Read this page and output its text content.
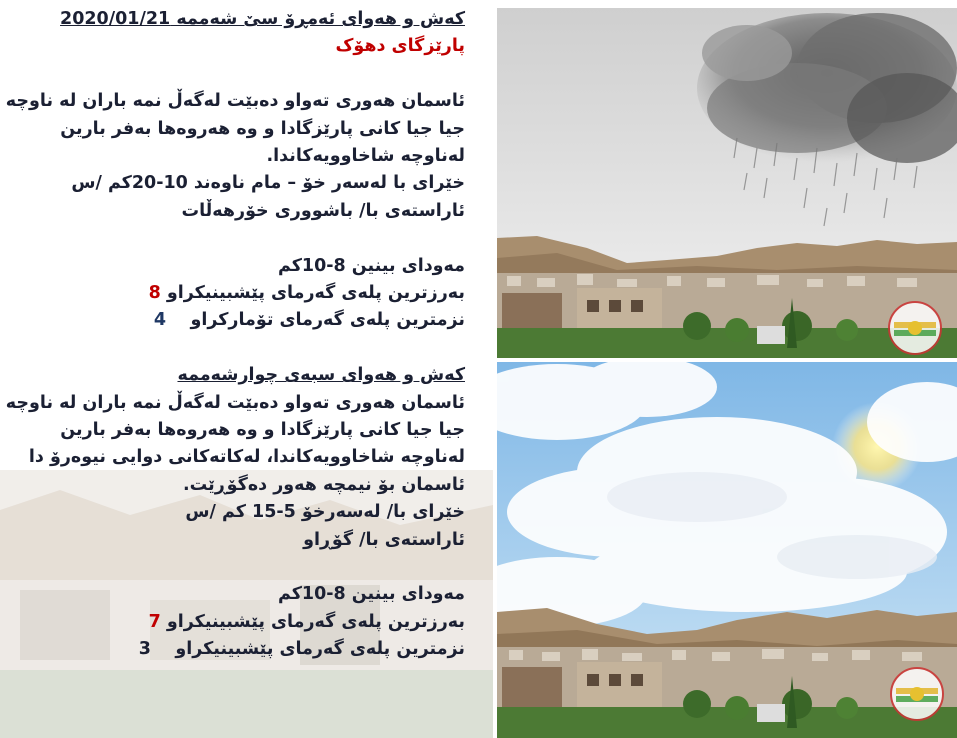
کەش و هەوای ئەمڕۆ سێ شەممە 2020/01/21
پارێزگای دهۆک
ئاسمان هەوری تەواو دەبێت لەگەڵ نمە باران لە ناوچە
جیا جیا کانی پارێزگادا و وە هەروەها بەفر بارین
لەناوچە شاخاوویەکاندا.
خێرای با لەسەر خۆ – مام ناوەند 10-20کم /س
ئاراستەی با/ باشووری خۆرهەڵات
مەودای بینین 8-10کم
بەرزترین پلەی گەرمای پێشبینیکراو 8
نزمترین پلەی گەرمای تۆمارکراو    4
کەش و هەوای سبەی چوارشەممە
ئاسمان هەوری تەواو دەبێت لەگەڵ نمە باران لە ناوچە
جیا جیا کانی پارێزگادا و وە هەروەها بەفر بارین
لەناوچە شاخاوویەکاندا، لەکاتەکانی دوایی نیوەرۆ دا
ئاسمان بۆ نیمچە هەور دەگۆڕێت.
خێرای با/ لەسەرخۆ 5-15 کم /س
ئاراستەی با/ گۆڕاو
مەودای بینین 8-10کم
بەرزترین پلەی گەرمای پێشبینیکراو 7
نزمترین پلەی گەرمای پێشبینیکراو    3
